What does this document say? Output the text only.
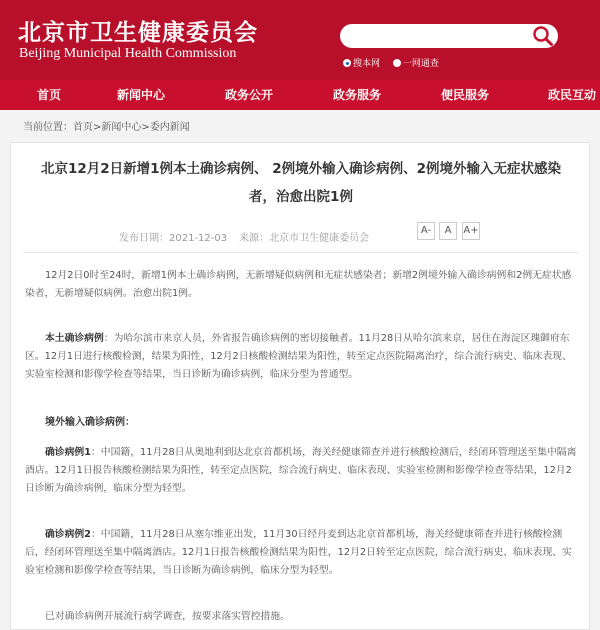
北京市卫生健康委员会
Beijing Municipal Health Commission
搜本网	一网通查
首页	新闻中心	政务公开	政务服务	便民服务	政民互动
当前位置：首页>新闻中心>委内新闻
北京12月2日新增1例本土确诊病例、 2例境外输入确诊病例、2例境外输入无症状感染者，治愈出院1例
发布日期：2021-12-03 来源：北京市卫生健康委员会
A-	A	A+
12月2日0时至24时，新增1例本土确诊病例，无新增疑似病例和无症状感染者；新增2例境外输入确诊病例和2例无症状感染者，无新增疑似病例。治愈出院1例。
本土确诊病例：为哈尔滨市来京人员，外省报告确诊病例的密切接触者。11月28日从哈尔滨来京，居住在海淀区瑰御府东区。12月1日进行核酸检测，结果为阳性，12月2日核酸检测结果为阳性，转至定点医院隔离治疗，综合流行病史、临床表现、实验室检测和影像学检查等结果，当日诊断为确诊病例，临床分型为普通型。
境外输入确诊病例：
确诊病例1：中国籍，11月28日从奥地利到达北京首都机场，海关经健康筛查并进行核酸检测后，经闭环管理送至集中隔离酒店。12月1日报告核酸检测结果为阳性，转至定点医院，综合流行病史、临床表现、实验室检测和影像学检查等结果，12月2日诊断为确诊病例，临床分型为轻型。
确诊病例2：中国籍，11月28日从塞尔维亚出发，11月30日经丹麦到达北京首都机场，海关经健康筛查并进行核酸检测后，经闭环管理送至集中隔离酒店。12月1日报告核酸检测结果为阳性，12月2日转至定点医院，综合流行病史、临床表现、实验室检测和影像学检查等结果，当日诊断为确诊病例，临床分型为轻型。
已对确诊病例开展流行病学调查，按要求落实管控措施。
